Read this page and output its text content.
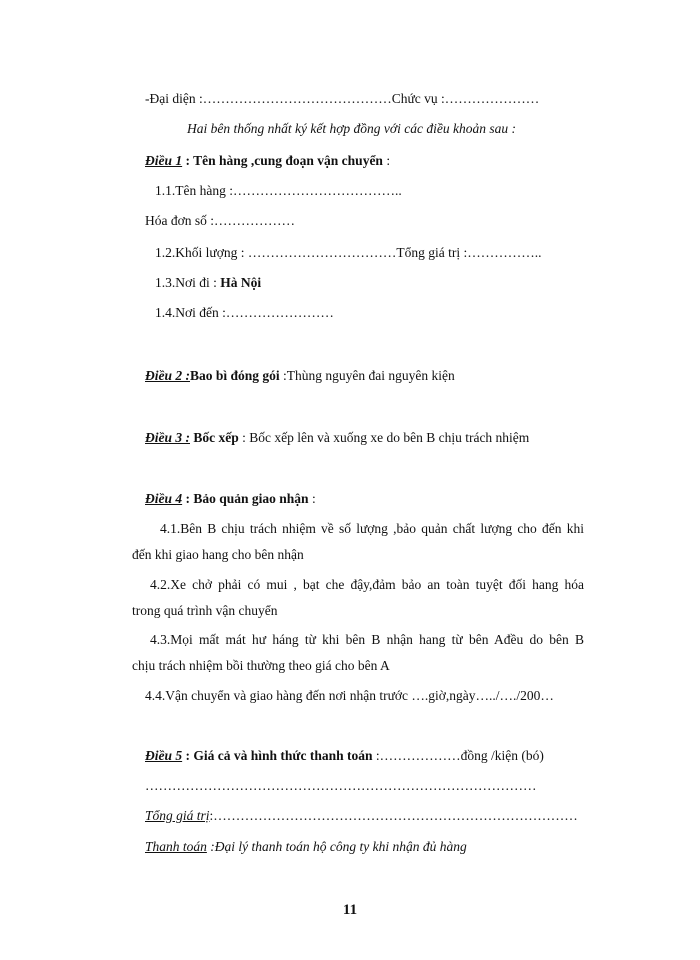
-Đại diện :……………………………………Chức vụ :…………………
Hai bên thống nhất ký kết hợp đồng với các điều khoản sau :
Điều 1 : Tên hàng ,cung đoạn vận chuyển :
1.1.Tên hàng :………………………………..
Hóa đơn số :………………
1.2.Khối lượng : ……………………………Tổng giá trị :……………..
1.3.Nơi đi : Hà Nội
1.4.Nơi đến :……………………
Điều 2 :Bao bì đóng gói :Thùng nguyên đai nguyên kiện
Điều 3 : Bốc xếp : Bốc xếp lên và xuống xe do bên B chịu trách nhiệm
Điều 4 : Bảo quản giao nhận :
4.1.Bên B chịu trách nhiệm về số lượng ,bảo quản chất lượng cho đến khi
đến khi giao hang cho bên nhận
4.2.Xe chở phải có mui , bạt che đậy,đảm bảo an toàn tuyệt đối hang hóa
trong quá trình vận chuyển
4.3.Mọi mất mát hư háng từ khi bên B nhận hang từ bên Ađều do bên B
chịu trách nhiệm bồi thường theo giá cho bên A
4.4.Vận chuyển và giao hàng đến nơi nhận trước ….giờ,ngày…../…./200…
Điều 5 : Giá cả và hình thức thanh toán :………………đồng /kiện (bó)
……………………………………………………………………………
Tổng giá trị:………………………………………………………………………
Thanh toán :Đại lý thanh toán hộ công ty khi nhận đủ hàng
11
